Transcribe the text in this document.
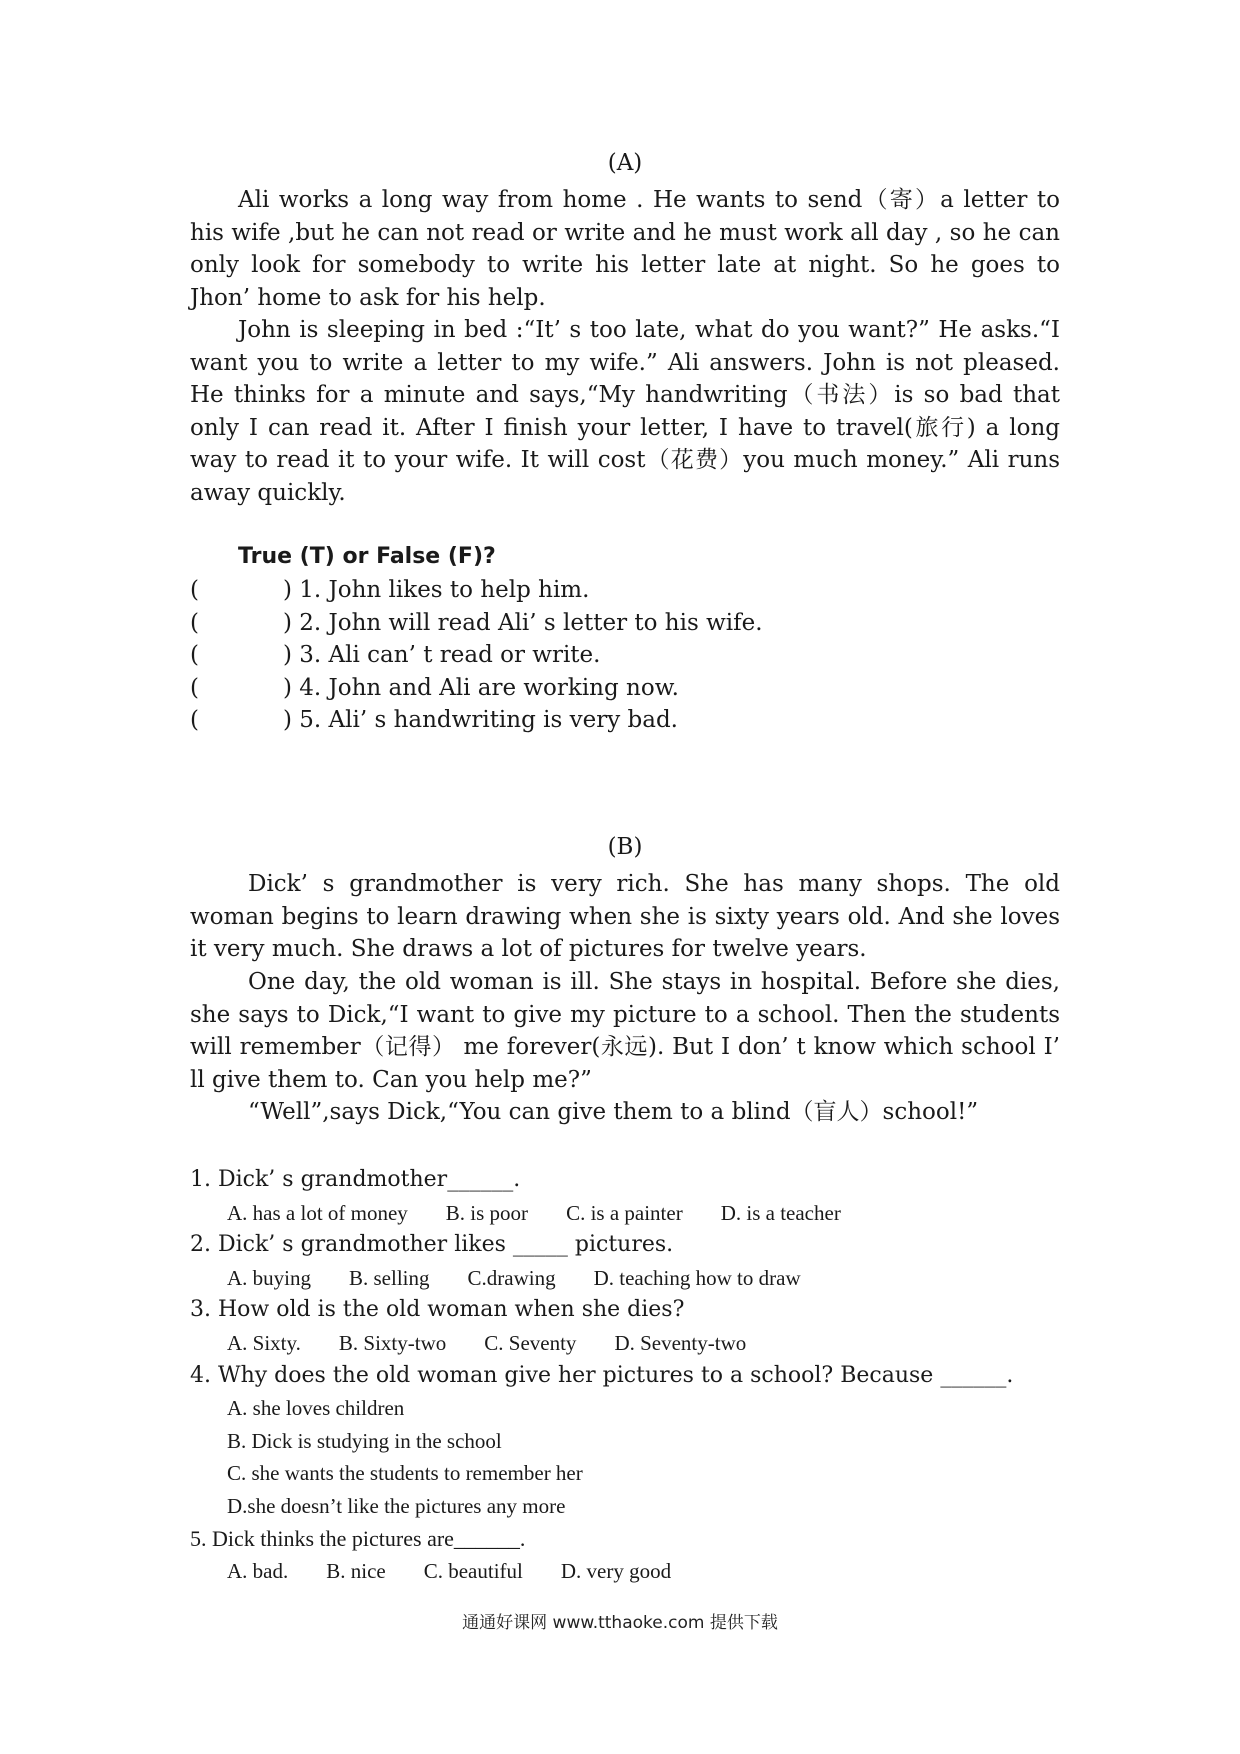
(A)

Ali works a long way from home . He wants to send（寄）a letter to his wife ,but he can not read or write and he must work all day , so he can only look for somebody to write his letter late at night. So he goes to Jhon’ home to ask for his help.

John is sleeping in bed :“It’ s too late, what do you want?” He asks.“I want you to write a letter to my wife.” Ali answers. John is not pleased. He thinks for a minute and says,“My handwriting（书法）is so bad that only I can read it. After I finish your letter, I have to travel(旅行) a long way to read it to your wife. It will cost（花费）you much money.” Ali runs away quickly.

True (T) or False (F)?
(	) 1. John likes to help him.
(	) 2. John will read Ali’ s letter to his wife.
(	) 3. Ali can’ t read or write.
(	) 4. John and Ali are working now.
(	) 5. Ali’ s handwriting is very bad.
(B)

Dick’ s grandmother is very rich. She has many shops. The old woman begins to learn drawing when she is sixty years old. And she loves it very much. She draws a lot of pictures for twelve years.

One day, the old woman is ill. She stays in hospital. Before she dies, she says to Dick,“I want to give my picture to a school. Then the students will remember（记得） me forever(永远). But I don’ t know which school I’ ll give them to. Can you help me?”

“Well”,says Dick,“You can give them to a blind（盲人）school!”

1. Dick’ s grandmother______.
A. has a lot of money B. is poor C. is a painter D. is a teacher
2. Dick’ s grandmother likes _____ pictures.
A. buying B. selling C.drawing D. teaching how to draw
3. How old is the old woman when she dies?
A. Sixty. B. Sixty-two C. Seventy D. Seventy-two
4. Why does the old woman give her pictures to a school? Because ______.
A. she loves children
B. Dick is studying in the school
C. she wants the students to remember her
D.she doesn’t like the pictures any more
5. Dick thinks the pictures are______.
A. bad. B. nice C. beautiful D. very good
通通好课网 www.tthaoke.com 提供下载
